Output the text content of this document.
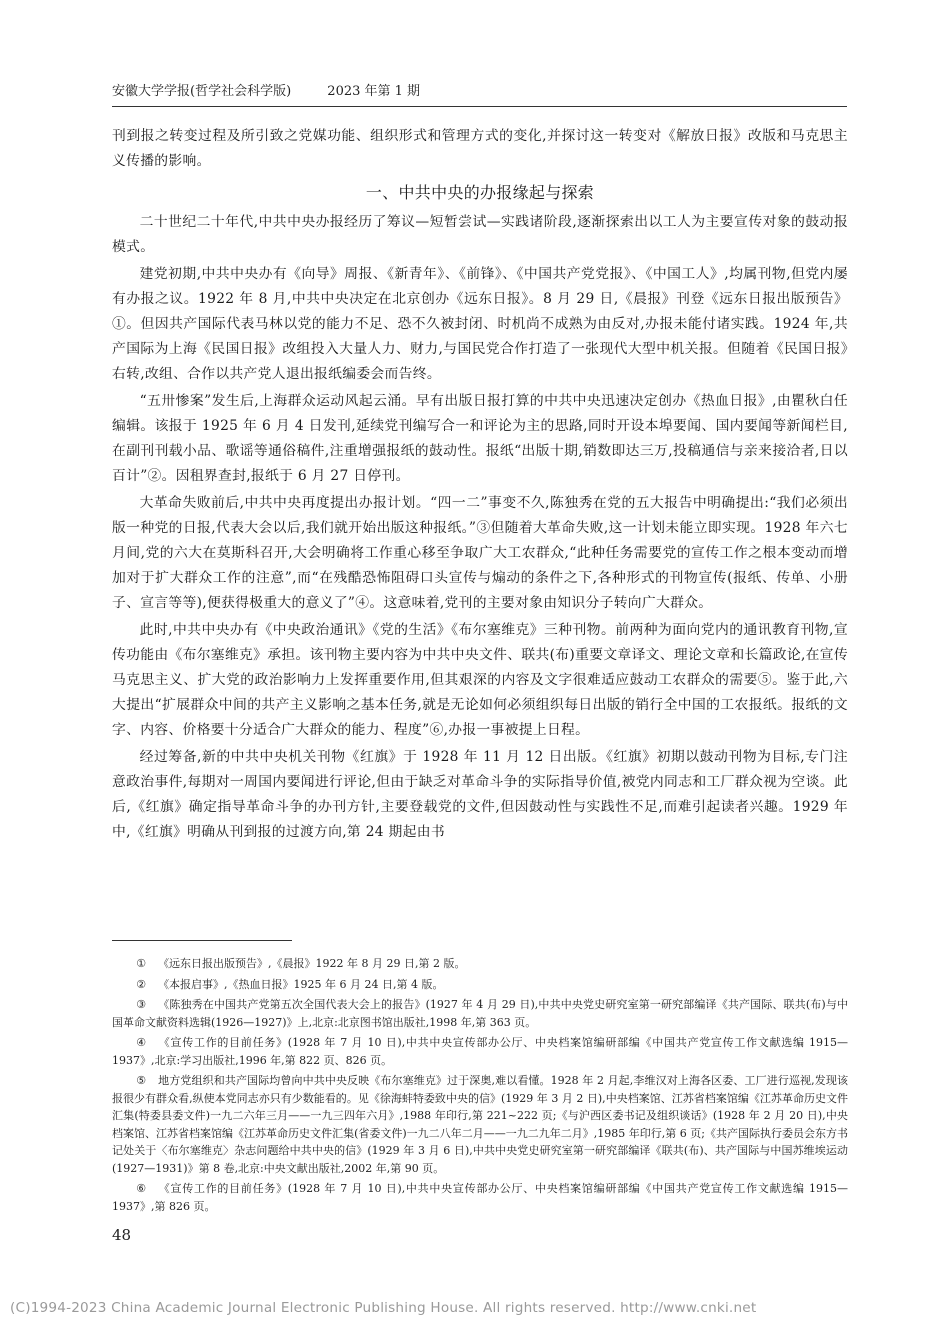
安徽大学学报(哲学社会科学版)	2023 年第 1 期

刊到报之转变过程及所引致之党媒功能、组织形式和管理方式的变化,并探讨这一转变对《解放日报》改版和马克思主义传播的影响。

一、中共中央的办报缘起与探索

二十世纪二十年代,中共中央办报经历了筹议—短暂尝试—实践诸阶段,逐渐探索出以工人为主要宣传对象的鼓动报模式。

建党初期,中共中央办有《向导》周报、《新青年》、《前锋》、《中国共产党党报》、《中国工人》,均属刊物,但党内屡有办报之议。1922 年 8 月,中共中央决定在北京创办《远东日报》。8 月 29 日,《晨报》刊登《远东日报出版预告》①。但因共产国际代表马林以党的能力不足、恐不久被封闭、时机尚不成熟为由反对,办报未能付诸实践。1924 年,共产国际为上海《民国日报》改组投入大量人力、财力,与国民党合作打造了一张现代大型中机关报。但随着《民国日报》右转,改组、合作以共产党人退出报纸编委会而告终。

“五卅惨案”发生后,上海群众运动风起云涌。早有出版日报打算的中共中央迅速决定创办《热血日报》,由瞿秋白任编辑。该报于 1925 年 6 月 4 日发刊,延续党刊编写合一和评论为主的思路,同时开设本埠要闻、国内要闻等新闻栏目,在副刊刊载小品、歌谣等通俗稿件,注重增强报纸的鼓动性。报纸“出版十期,销数即达三万,投稿通信与亲来接洽者,日以百计”②。因租界查封,报纸于 6 月 27 日停刊。

大革命失败前后,中共中央再度提出办报计划。“四一二”事变不久,陈独秀在党的五大报告中明确提出:“我们必须出版一种党的日报,代表大会以后,我们就开始出版这种报纸。”③但随着大革命失败,这一计划未能立即实现。1928 年六七月间,党的六大在莫斯科召开,大会明确将工作重心移至争取广大工农群众,“此种任务需要党的宣传工作之根本变动而增加对于扩大群众工作的注意”,而“在残酷恐怖阻碍口头宣传与煽动的条件之下,各种形式的刊物宣传(报纸、传单、小册子、宣言等等),便获得极重大的意义了”④。这意味着,党刊的主要对象由知识分子转向广大群众。

此时,中共中央办有《中央政治通讯》《党的生活》《布尔塞维克》三种刊物。前两种为面向党内的通讯教育刊物,宣传功能由《布尔塞维克》承担。该刊物主要内容为中共中央文件、联共(布)重要文章译文、理论文章和长篇政论,在宣传马克思主义、扩大党的政治影响力上发挥重要作用,但其艰深的内容及文字很难适应鼓动工农群众的需要⑤。鉴于此,六大提出“扩展群众中间的共产主义影响之基本任务,就是无论如何必须组织每日出版的销行全中国的工农报纸。报纸的文字、内容、价格要十分适合广大群众的能力、程度”⑥,办报一事被提上日程。

经过筹备,新的中共中央机关刊物《红旗》于 1928 年 11 月 12 日出版。《红旗》初期以鼓动刊物为目标,专门注意政治事件,每期对一周国内要闻进行评论,但由于缺乏对革命斗争的实际指导价值,被党内同志和工厂群众视为空谈。此后,《红旗》确定指导革命斗争的办刊方针,主要登载党的文件,但因鼓动性与实践性不足,而难引起读者兴趣。1929 年中,《红旗》明确从刊到报的过渡方向,第 24 期起由书

① 《远东日报出版预告》,《晨报》1922 年 8 月 29 日,第 2 版。
② 《本报启事》,《热血日报》1925 年 6 月 24 日,第 4 版。
③ 《陈独秀在中国共产党第五次全国代表大会上的报告》(1927 年 4 月 29 日),中共中央党史研究室第一研究部编译《共产国际、联共(布)与中国革命文献资料选辑(1926—1927)》上,北京:北京图书馆出版社,1998 年,第 363 页。
④ 《宣传工作的目前任务》(1928 年 7 月 10 日),中共中央宣传部办公厅、中央档案馆编研部编《中国共产党宣传工作文献选编 1915—1937》,北京:学习出版社,1996 年,第 822 页、826 页。
⑤ 地方党组织和共产国际均曾向中共中央反映《布尔塞维克》过于深奥,难以看懂。1928 年 2 月起,李维汉对上海各区委、工厂进行巡视,发现该报很少有群众看,纵使本党同志亦只有少数能看的。见《徐海蚌特委致中央的信》(1929 年 3 月 2 日),中央档案馆、江苏省档案馆编《江苏革命历史文件汇集(特委县委文件)一九二六年三月——一九三四年六月》,1988 年印行,第 221~222 页;《与沪西区委书记及组织谈话》(1928 年 2 月 20 日),中央档案馆、江苏省档案馆编《江苏革命历史文件汇集(省委文件)一九二八年二月——一九二九年二月》,1985 年印行,第 6 页;《共产国际执行委员会东方书记处关于〈布尔塞维克〉杂志问题给中共中央的信》(1929 年 3 月 6 日),中共中央党史研究室第一研究部编译《联共(布)、共产国际与中国苏维埃运动(1927—1931)》第 8 卷,北京:中央文献出版社,2002 年,第 90 页。
⑥ 《宣传工作的目前任务》(1928 年 7 月 10 日),中共中央宣传部办公厅、中央档案馆编研部编《中国共产党宣传工作文献选编 1915—1937》,第 826 页。
48
(C)1994-2023 China Academic Journal Electronic Publishing House. All rights reserved. http://www.cnki.net
